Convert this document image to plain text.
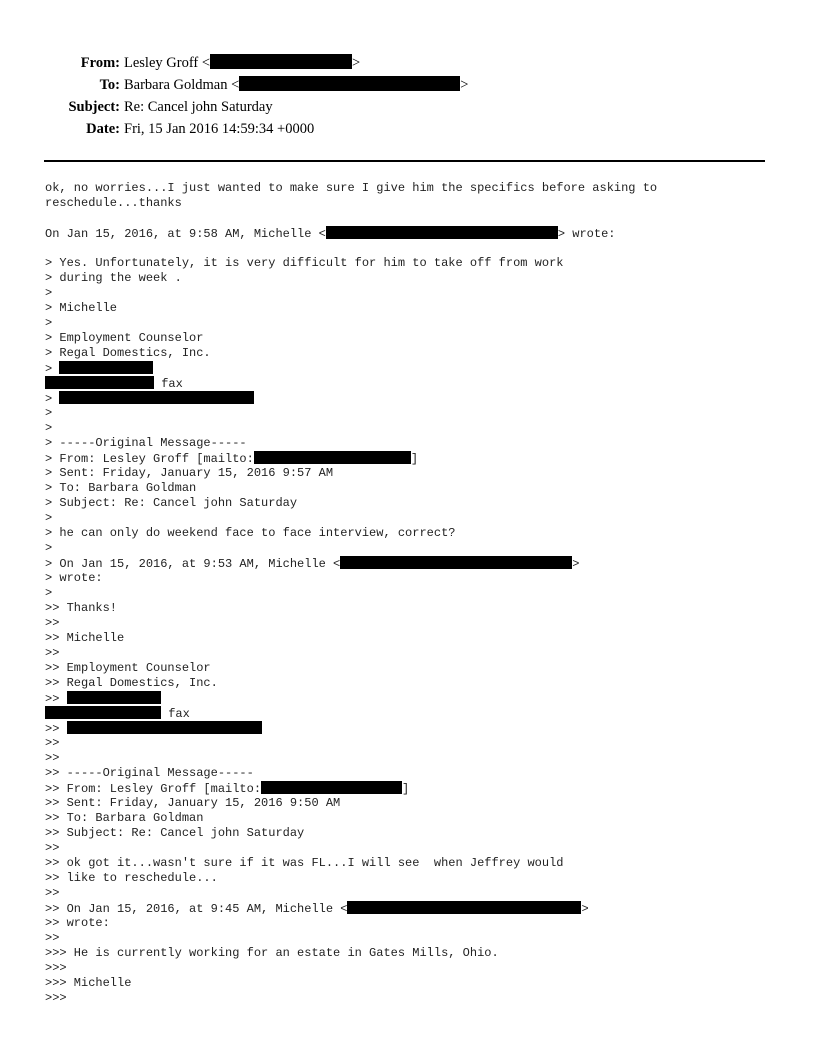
From: Lesley Groff <	>
To: Barbara Goldman <	>
Subject: Re: Cancel john Saturday
Date: Fri, 15 Jan 2016 14:59:34 +0000
ok, no worries...I just wanted to make sure I give him the specifics before asking to
reschedule...thanks
On Jan 15, 2016, at 9:58 AM, Michelle <	> wrote:
> Yes. Unfortunately, it is very difficult for him to take off from work
> during the week .
>
> Michelle
>
> Employment Counselor
> Regal Domestics, Inc.
>
fax
>
>
>
> -----Original Message-----
> From: Lesley Groff [mailto:	]
> Sent: Friday, January 15, 2016 9:57 AM
> To: Barbara Goldman
> Subject: Re: Cancel john Saturday
>
> he can only do weekend face to face interview, correct?
>
> On Jan 15, 2016, at 9:53 AM, Michelle <	>
> wrote:
>
>> Thanks!
>>
>> Michelle
>>
>> Employment Counselor
>> Regal Domestics, Inc.
>>
fax
>>
>>
>>
>> -----Original Message-----
>> From: Lesley Groff [mailto:	]
>> Sent: Friday, January 15, 2016 9:50 AM
>> To: Barbara Goldman
>> Subject: Re: Cancel john Saturday
>>
>> ok got it...wasn't sure if it was FL...I will see  when Jeffrey would
>> like to reschedule...
>>
>> On Jan 15, 2016, at 9:45 AM, Michelle <	>
>> wrote:
>>
>>> He is currently working for an estate in Gates Mills, Ohio.
>>>
>>> Michelle
>>>
